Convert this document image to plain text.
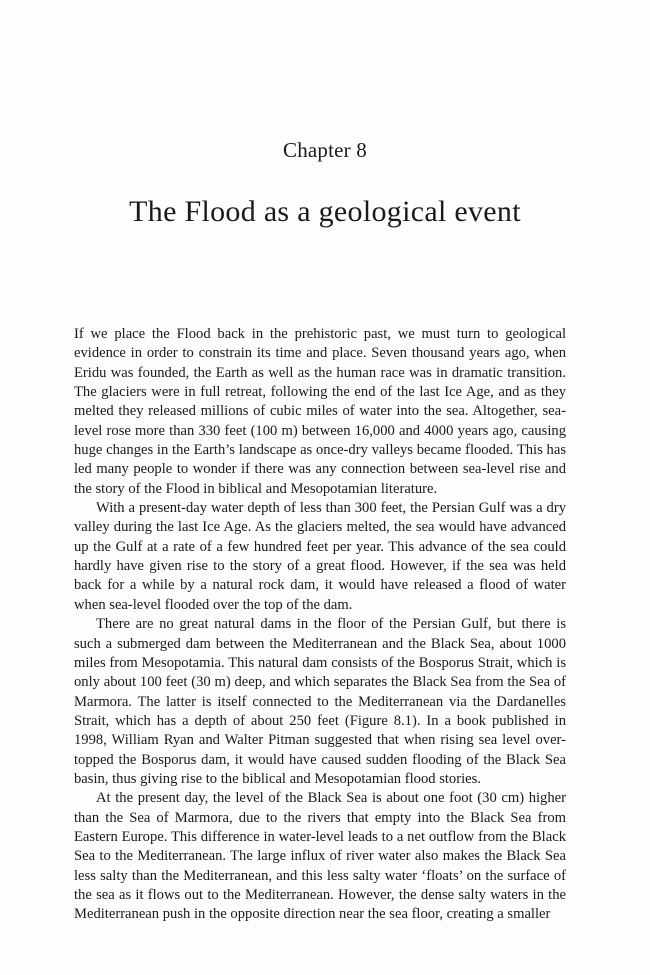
Chapter 8
The Flood as a geological event

If we place the Flood back in the prehistoric past, we must turn to geological evidence in order to constrain its time and place. Seven thousand years ago, when Eridu was founded, the Earth as well as the human race was in dramatic transition. The glaciers were in full retreat, following the end of the last Ice Age, and as they melted they released millions of cubic miles of water into the sea. Altogether, sea-level rose more than 330 feet (100 m) between 16,000 and 4000 years ago, causing huge changes in the Earth’s landscape as once-dry valleys became flooded. This has led many people to wonder if there was any connection between sea-level rise and the story of the Flood in biblical and Mesopotamian literature.

With a present-day water depth of less than 300 feet, the Persian Gulf was a dry valley during the last Ice Age. As the glaciers melted, the sea would have advanced up the Gulf at a rate of a few hundred feet per year. This advance of the sea could hardly have given rise to the story of a great flood. However, if the sea was held back for a while by a natural rock dam, it would have released a flood of water when sea-level flooded over the top of the dam.

There are no great natural dams in the floor of the Persian Gulf, but there is such a submerged dam between the Mediterranean and the Black Sea, about 1000 miles from Mesopotamia. This natural dam consists of the Bosporus Strait, which is only about 100 feet (30 m) deep, and which separates the Black Sea from the Sea of Marmora. The latter is itself connected to the Mediterranean via the Dardanelles Strait, which has a depth of about 250 feet (Figure 8.1). In a book published in 1998, William Ryan and Walter Pitman suggested that when rising sea level over-topped the Bosporus dam, it would have caused sudden flooding of the Black Sea basin, thus giving rise to the biblical and Mesopotamian flood stories.

At the present day, the level of the Black Sea is about one foot (30 cm) higher than the Sea of Marmora, due to the rivers that empty into the Black Sea from Eastern Europe. This difference in water-level leads to a net outflow from the Black Sea to the Mediterranean. The large influx of river water also makes the Black Sea less salty than the Mediterranean, and this less salty water ‘floats’ on the surface of the sea as it flows out to the Mediterranean. However, the dense salty waters in the Mediterranean push in the opposite direction near the sea floor, creating a smaller
